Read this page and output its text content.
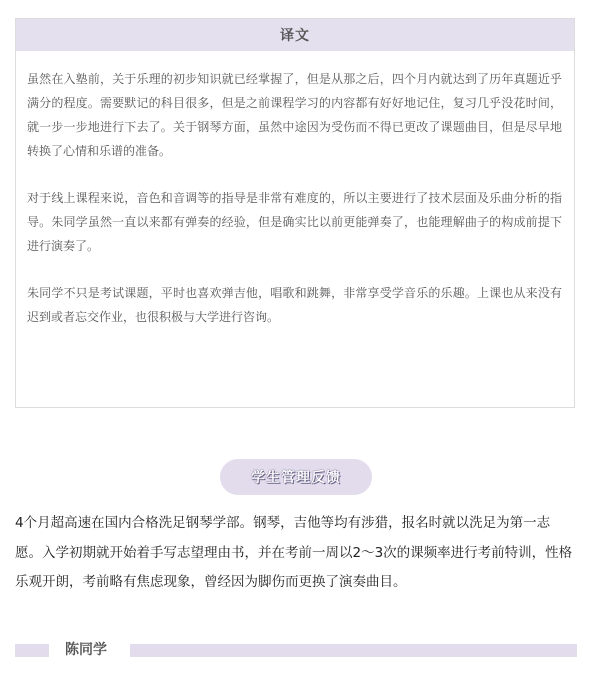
译文

虽然在入塾前，关于乐理的初步知识就已经掌握了，但是从那之后，四个月内就达到了历年真题近乎满分的程度。需要默记的科目很多，但是之前课程学习的内容都有好好地记住，复习几乎没花时间，就一步一步地进行下去了。关于钢琴方面，虽然中途因为受伤而不得已更改了课题曲目，但是尽早地转换了心情和乐谱的准备。

对于线上课程来说，音色和音调等的指导是非常有难度的，所以主要进行了技术层面及乐曲分析的指导。朱同学虽然一直以来都有弹奏的经验，但是确实比以前更能弹奏了，也能理解曲子的构成前提下进行演奏了。

朱同学不只是考试课题，平时也喜欢弹吉他，唱歌和跳舞，非常享受学音乐的乐趣。上课也从来没有迟到或者忘交作业，也很积极与大学进行咨询。

学生管理反馈

4个月超高速在国内合格洗足钢琴学部。钢琴，吉他等均有涉猎，报名时就以洗足为第一志愿。入学初期就开始着手写志望理由书，并在考前一周以2～3次的课频率进行考前特训，性格乐观开朗，考前略有焦虑现象，曾经因为脚伤而更换了演奏曲目。

陈同学
